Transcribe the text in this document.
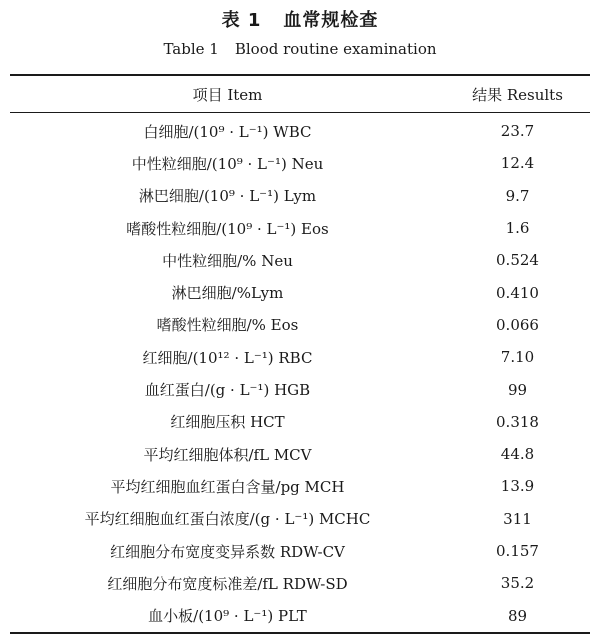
表 1 血常规检查
Table 1 Blood routine examination
项目 Item	结果 Results
白细胞/(10⁹ · L⁻¹) WBC	23.7
中性粒细胞/(10⁹ · L⁻¹) Neu	12.4
淋巴细胞/(10⁹ · L⁻¹) Lym	9.7
嗜酸性粒细胞/(10⁹ · L⁻¹) Eos	1.6
中性粒细胞/% Neu	0.524
淋巴细胞/%Lym	0.410
嗜酸性粒细胞/% Eos	0.066
红细胞/(10¹² · L⁻¹) RBC	7.10
血红蛋白/(g · L⁻¹) HGB	99
红细胞压积 HCT	0.318
平均红细胞体积/fL MCV	44.8
平均红细胞血红蛋白含量/pg MCH	13.9
平均红细胞血红蛋白浓度/(g · L⁻¹) MCHC	311
红细胞分布宽度变异系数 RDW-CV	0.157
红细胞分布宽度标准差/fL RDW-SD	35.2
血小板/(10⁹ · L⁻¹) PLT	89
